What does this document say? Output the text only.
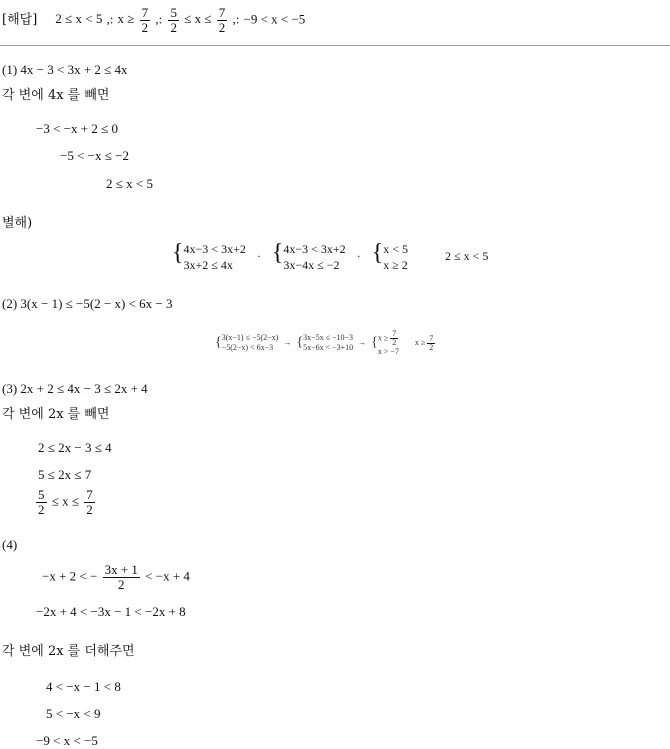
[해답] 2 ≤ x < 5 ,: $x \ge \frac{7}{2}$ ,: $\frac{5}{2} \le x \le \frac{7}{2}$ ,: −9 < x < −5
(1) 4x − 3 < 3x + 2 ≤ 4x
각 변에 4x 를 빼면
−3 < −x + 2 ≤ 0
−5 < −x ≤ −2
2 ≤ x < 5
별해)
{4x−3 < 3x+2
3x+2 ≤ 4x · {4x−3 < 3x+2
3x−4x ≤ −2 · {x < 5
x ≥ 2 2 ≤ x < 5
(2) 3(x − 1) ≤ −5(2 − x) < 6x − 3
{3(x−1) ≤ −5(2−x)
−5(2−x) < 6x−3 → {3x−5x ≤ −10−3
$5x-6x < -3+10 \to \{x \ge \frac{7}{2}$

x > −7 $x \ge \frac{7}{2}$
(3) 2x + 2 ≤ 4x − 3 ≤ 2x + 4
각 변에 2x 를 빼면
2 ≤ 2x − 3 ≤ 4
5 ≤ 2x ≤ 7
$\frac{5}{2} \le x \le \frac{7}{2}$
(4)
−x + 2 < − $\frac{3x + 1}{2} < -x + 4$
−2x + 4 < −3x − 1 < −2x + 8
각 변에 2x 를 더해주면
4 < −x − 1 < 8
5 < −x < 9
−9 < x < −5
